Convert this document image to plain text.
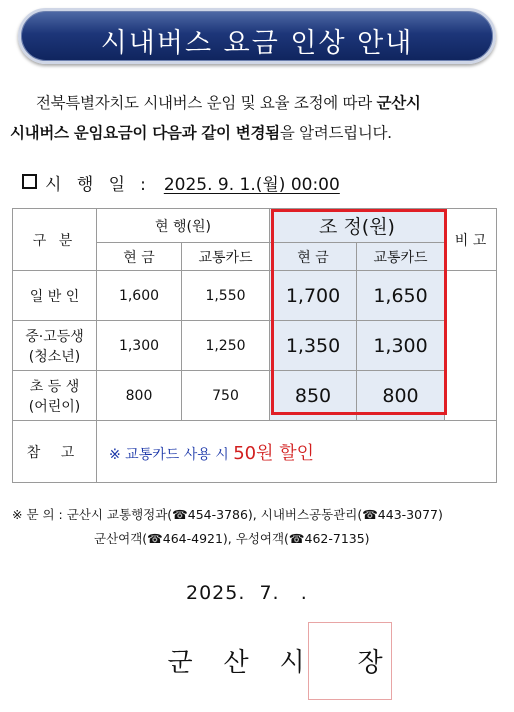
시내버스 요금 인상 안내

전북특별자치도 시내버스 운임 및 요율 조정에 따라 군산시

시내버스 운임요금이 다음과 같이 변경됨을 알려드립니다.

시 행 일 : 2025. 9. 1.(월) 00:00
구 분	현 행(원)		조 정(원)		비 고
	현 금	교통카드	현 금	교통카드	

일 반 인	1,600	1,550	1,700	1,650	

중·고등생
(청소년)	1,300	1,250	1,350	1,300	

초 등 생
(어린이)	800	750	850	800	
참 고	※ 교통카드 사용 시 50원 할인				
※ 문 의 : 군산시 교통행정과(☎454-3786), 시내버스공동관리(☎443-3077)
군산여객(☎464-4921), 우성여객(☎462-7135)
2025.  7.   .
군 산 시 장
